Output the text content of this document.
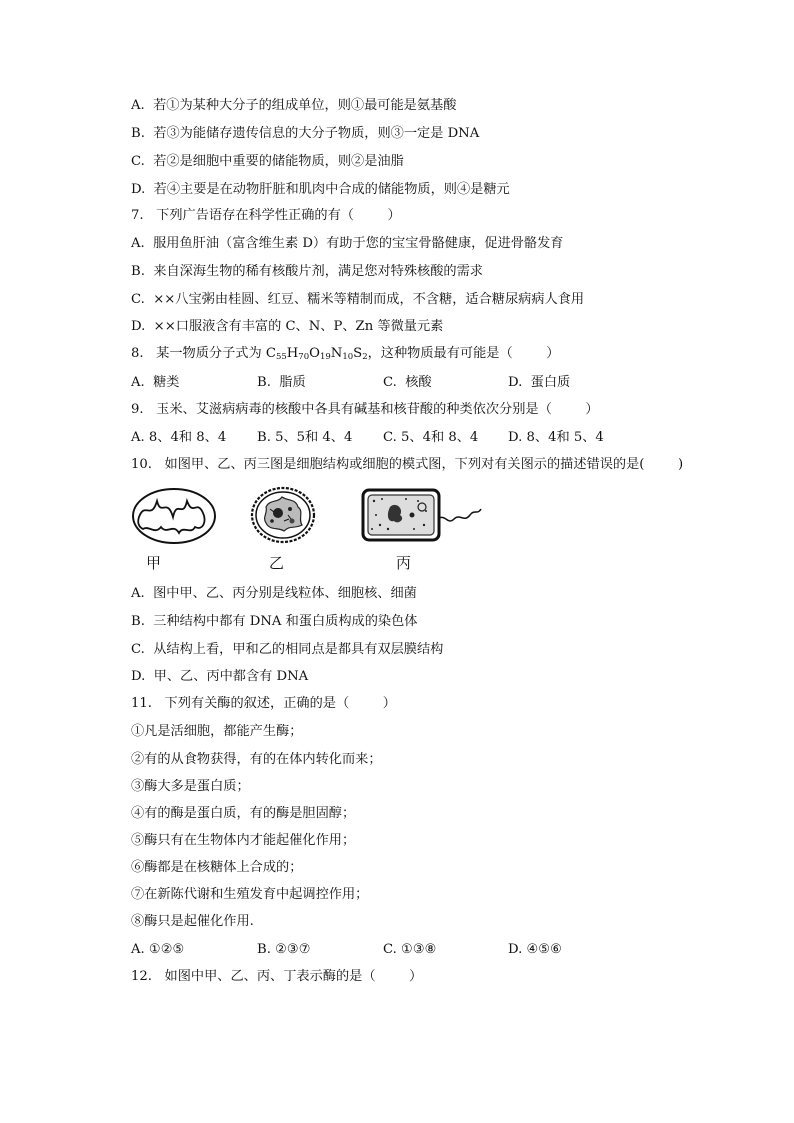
A.  若①为某种大分子的组成单位，则①最可能是氨基酸
B.  若③为能储存遗传信息的大分子物质，则③一定是 DNA
C.  若②是细胞中重要的储能物质，则②是油脂
D.  若④主要是在动物肝脏和肌肉中合成的储能物质，则④是糖元
7.   下列广告语存在科学性正确的有（        ）
A.  服用鱼肝油（富含维生素 D）有助于您的宝宝骨骼健康，促进骨骼发育
B.  来自深海生物的稀有核酸片剂，满足您对特殊核酸的需求
C.  ××八宝粥由桂圆、红豆、糯米等精制而成，不含糖，适合糖尿病病人食用
D.  ××口服液含有丰富的 C、N、P、Zn 等微量元素
8.   某一物质分子式为 $C_{55}H_{70}O_{19}N_{10}S_2$，这种物质最有可能是（        ）

A.  糖类

	B.  脂质

	C.  核酸

	D.  蛋白质

9.   玉米、艾滋病病毒的核酸中各具有碱基和核苷酸的种类依次分别是（        ）

A. 8、4和 8、4

B. 5、5和 4、4

C. 5、4和 8、4

D. 8、4和 5、4

10.   如图甲、乙、丙三图是细胞结构或细胞的模式图，下列对有关图示的描述错误的是(        )
甲	乙	丙
A.  图中甲、乙、丙分别是线粒体、细胞核、细菌
B.  三种结构中都有 DNA 和蛋白质构成的染色体
C.  从结构上看，甲和乙的相同点是都具有双层膜结构
D.  甲、乙、丙中都含有 DNA
11.   下列有关酶的叙述，正确的是（        ）
①凡是活细胞，都能产生酶；
②有的从食物获得，有的在体内转化而来；
③酶大多是蛋白质；
④有的酶是蛋白质，有的酶是胆固醇；
⑤酶只有在生物体内才能起催化作用；
⑥酶都是在核糖体上合成的；
⑦在新陈代谢和生殖发育中起调控作用；
⑧酶只是起催化作用.

A. ①②⑤

	B. ②③⑦

	C. ①③⑧

	D. ④⑤⑥

12.   如图中甲、乙、丙、丁表示酶的是（        ）
